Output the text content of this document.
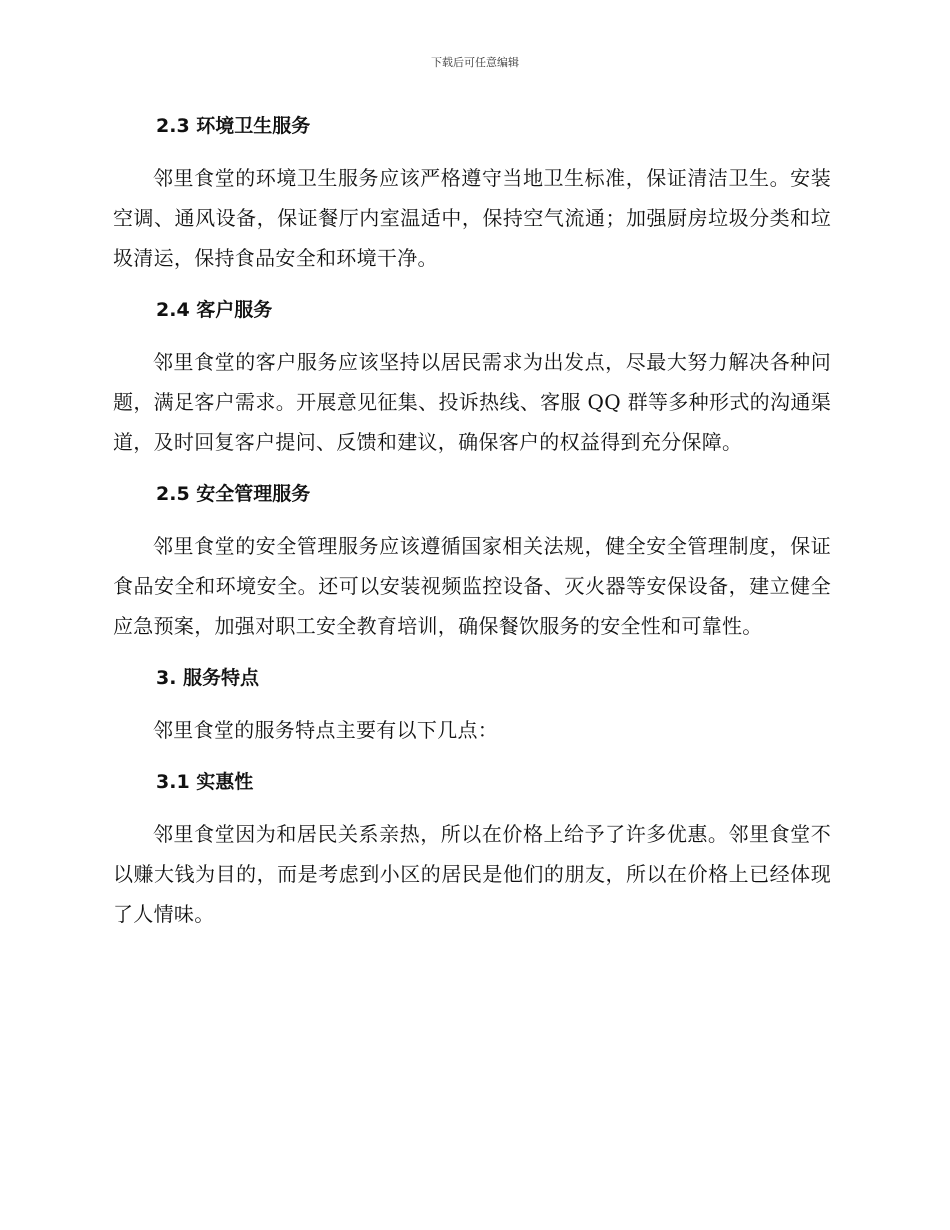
下载后可任意编辑
2.3 环境卫生服务

邻里食堂的环境卫生服务应该严格遵守当地卫生标准，保证清洁卫生。安装空调、通风设备，保证餐厅内室温适中，保持空气流通；加强厨房垃圾分类和垃圾清运，保持食品安全和环境干净。

2.4 客户服务

邻里食堂的客户服务应该坚持以居民需求为出发点，尽最大努力解决各种问题，满足客户需求。开展意见征集、投诉热线、客服 QQ 群等多种形式的沟通渠道，及时回复客户提问、反馈和建议，确保客户的权益得到充分保障。

2.5 安全管理服务

邻里食堂的安全管理服务应该遵循国家相关法规，健全安全管理制度，保证食品安全和环境安全。还可以安装视频监控设备、灭火器等安保设备，建立健全应急预案，加强对职工安全教育培训，确保餐饮服务的安全性和可靠性。

3. 服务特点

邻里食堂的服务特点主要有以下几点：

3.1 实惠性

邻里食堂因为和居民关系亲热，所以在价格上给予了许多优惠。邻里食堂不以赚大钱为目的，而是考虑到小区的居民是他们的朋友，所以在价格上已经体现了人情味。
